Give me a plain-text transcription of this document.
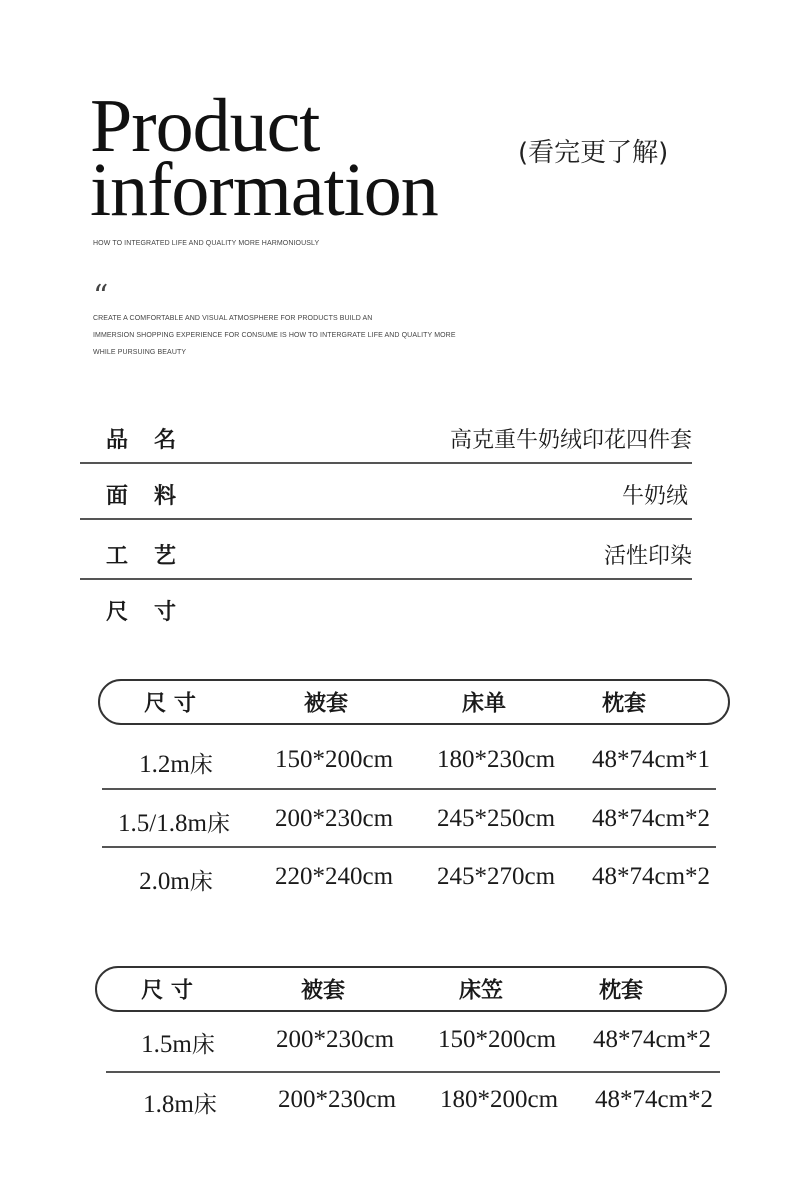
Product
information	(看完更了解)
HOW TO INTEGRATED LIFE AND QUALITY MORE HARMONIOUSLY
“
CREATE A COMFORTABLE AND VISUAL ATMOSPHERE FOR PRODUCTS BUILD AN
IMMERSION SHOPPING EXPERIENCE FOR CONSUME IS HOW TO INTERGRATE LIFE AND QUALITY MORE
WHILE PURSUING BEAUTY
品名	高克重牛奶绒印花四件套
面料	牛奶绒
工艺	活性印染
尺寸
尺 寸	被套	床单	枕套
1.2m床 150*200cm 180*230cm 48*74cm*1
1.5/1.8m床 200*230cm 245*250cm 48*74cm*2
2.0m床 220*240cm 245*270cm 48*74cm*2
尺 寸	被套	床笠	枕套
1.5m床 200*230cm 150*200cm 48*74cm*2
1.8m床 200*230cm 180*200cm 48*74cm*2
